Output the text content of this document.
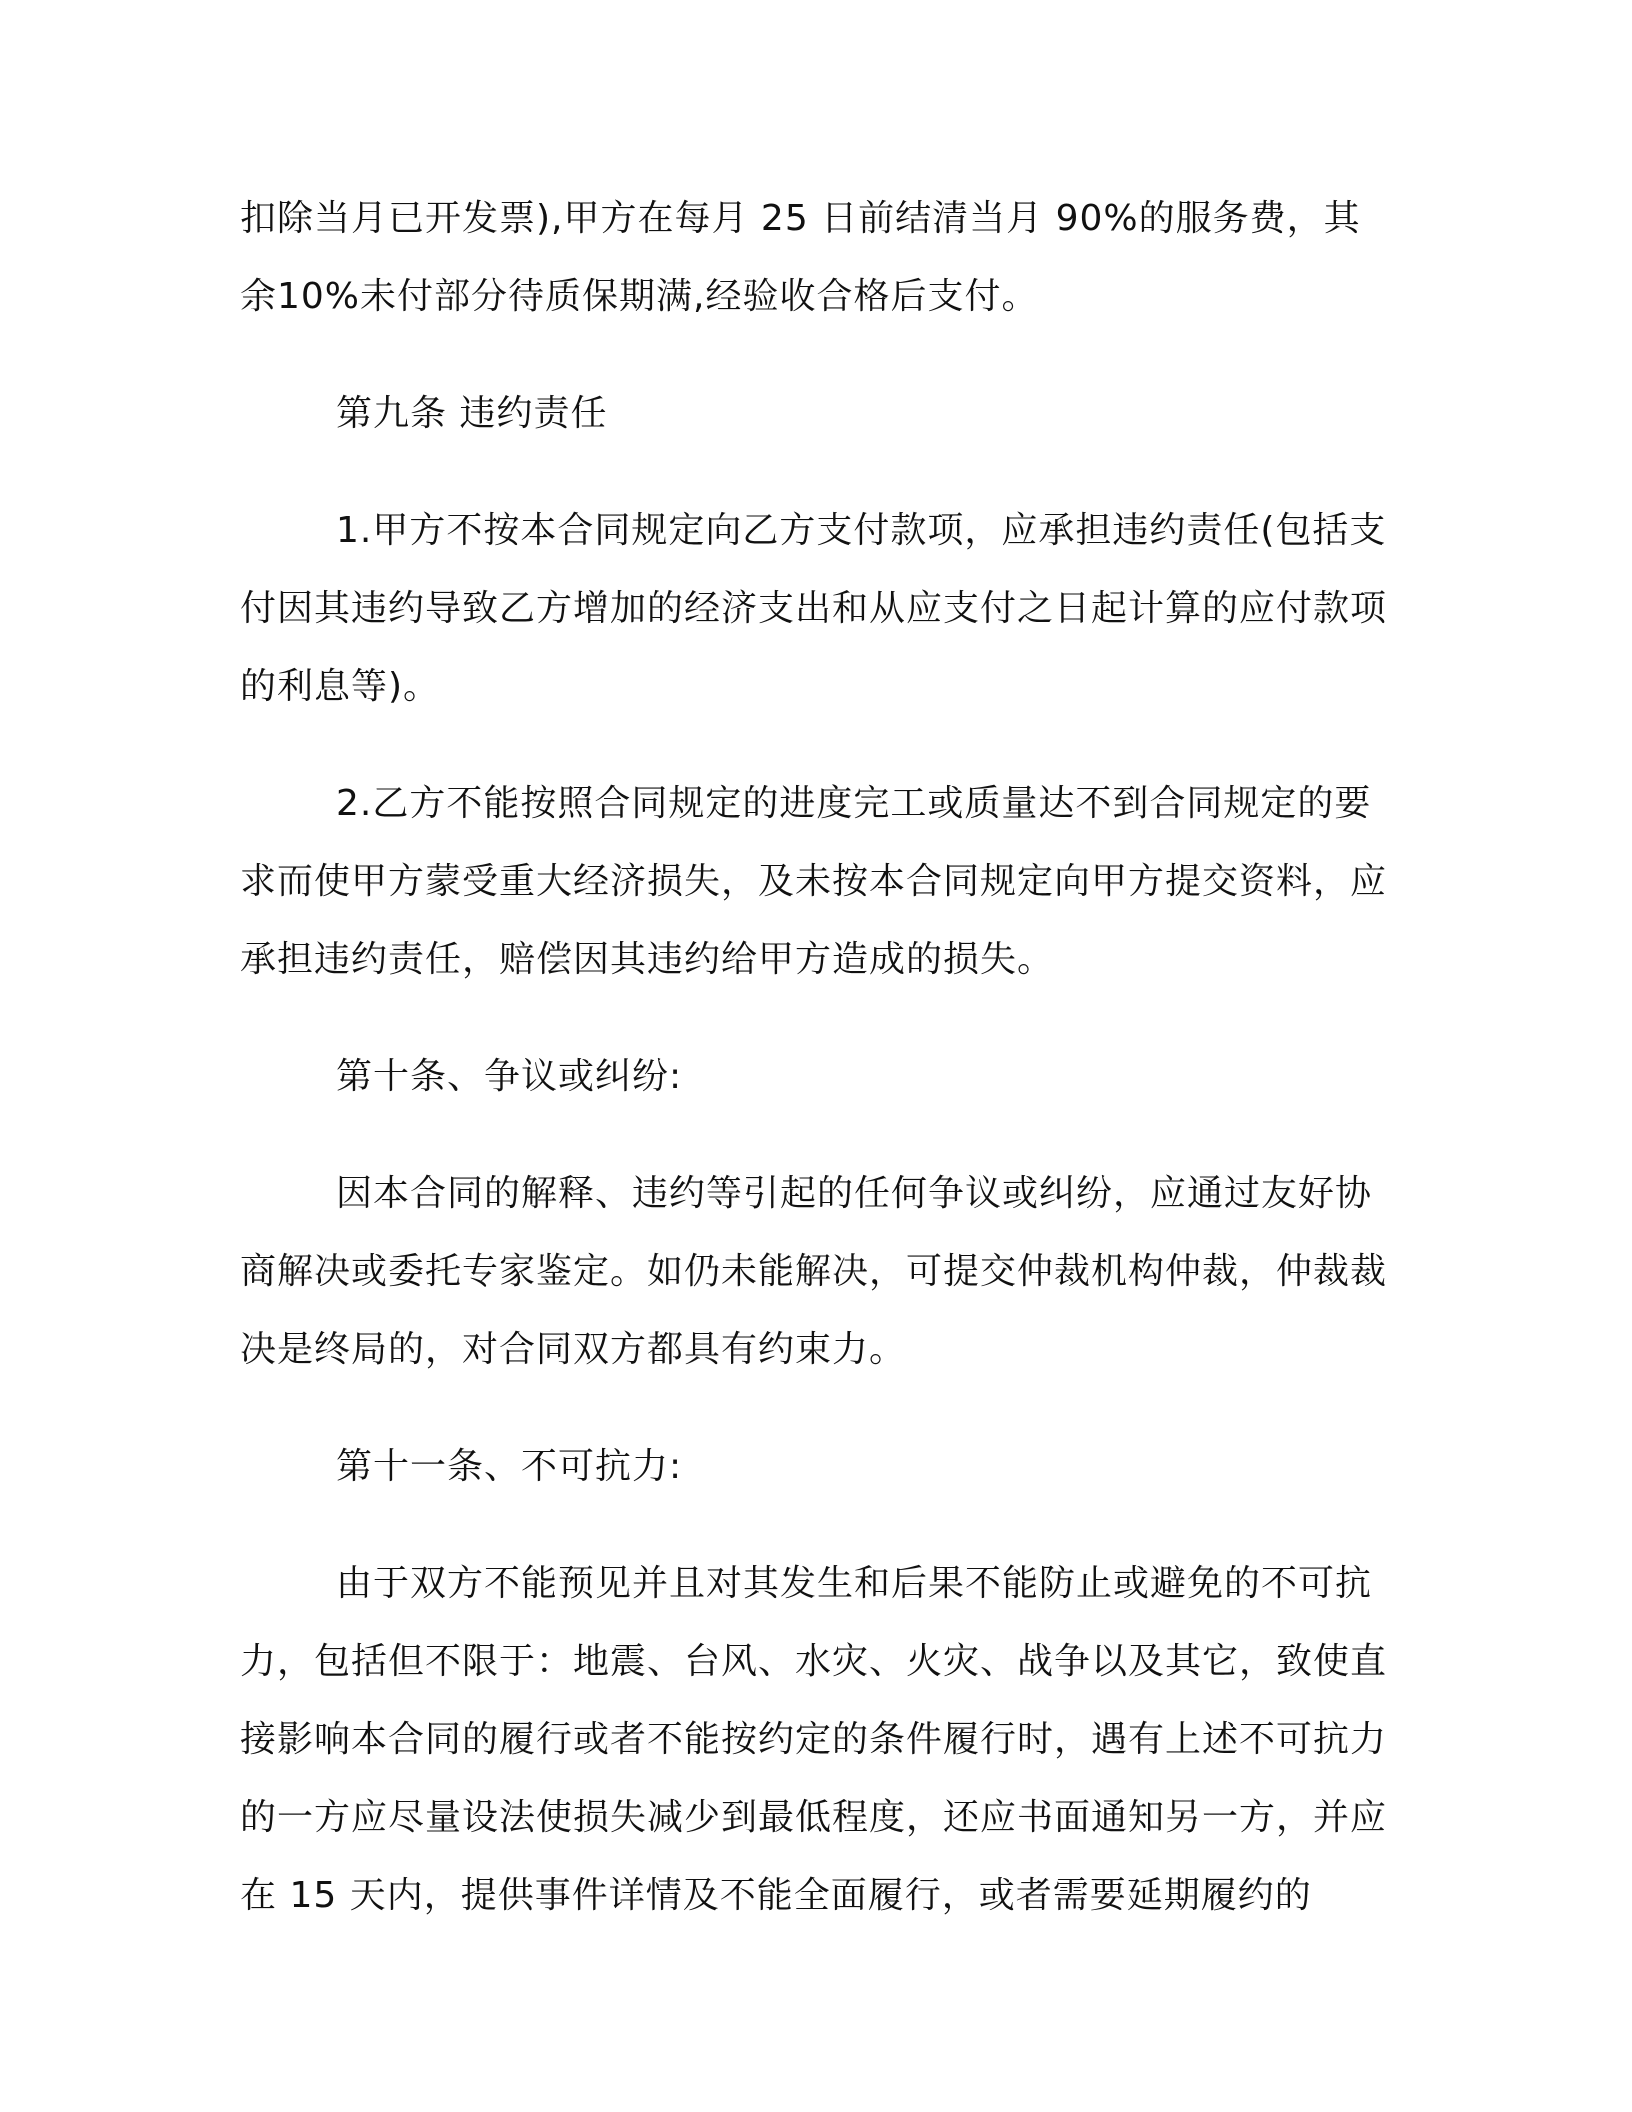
扣除当月已开发票),甲方在每月 25 日前结清当月 90%的服务费，其余10%未付部分待质保期满,经验收合格后支付。

第九条 违约责任

1.甲方不按本合同规定向乙方支付款项，应承担违约责任(包括支付因其违约导致乙方增加的经济支出和从应支付之日起计算的应付款项的利息等)。

2.乙方不能按照合同规定的进度完工或质量达不到合同规定的要求而使甲方蒙受重大经济损失，及未按本合同规定向甲方提交资料，应承担违约责任，赔偿因其违约给甲方造成的损失。

第十条、争议或纠纷:

因本合同的解释、违约等引起的任何争议或纠纷，应通过友好协商解决或委托专家鉴定。如仍未能解决，可提交仲裁机构仲裁，仲裁裁决是终局的，对合同双方都具有约束力。

第十一条、不可抗力:

由于双方不能预见并且对其发生和后果不能防止或避免的不可抗力，包括但不限于：地震、台风、水灾、火灾、战争以及其它，致使直接影响本合同的履行或者不能按约定的条件履行时，遇有上述不可抗力的一方应尽量设法使损失减少到最低程度，还应书面通知另一方，并应在 15 天内，提供事件详情及不能全面履行，或者需要延期履约的
